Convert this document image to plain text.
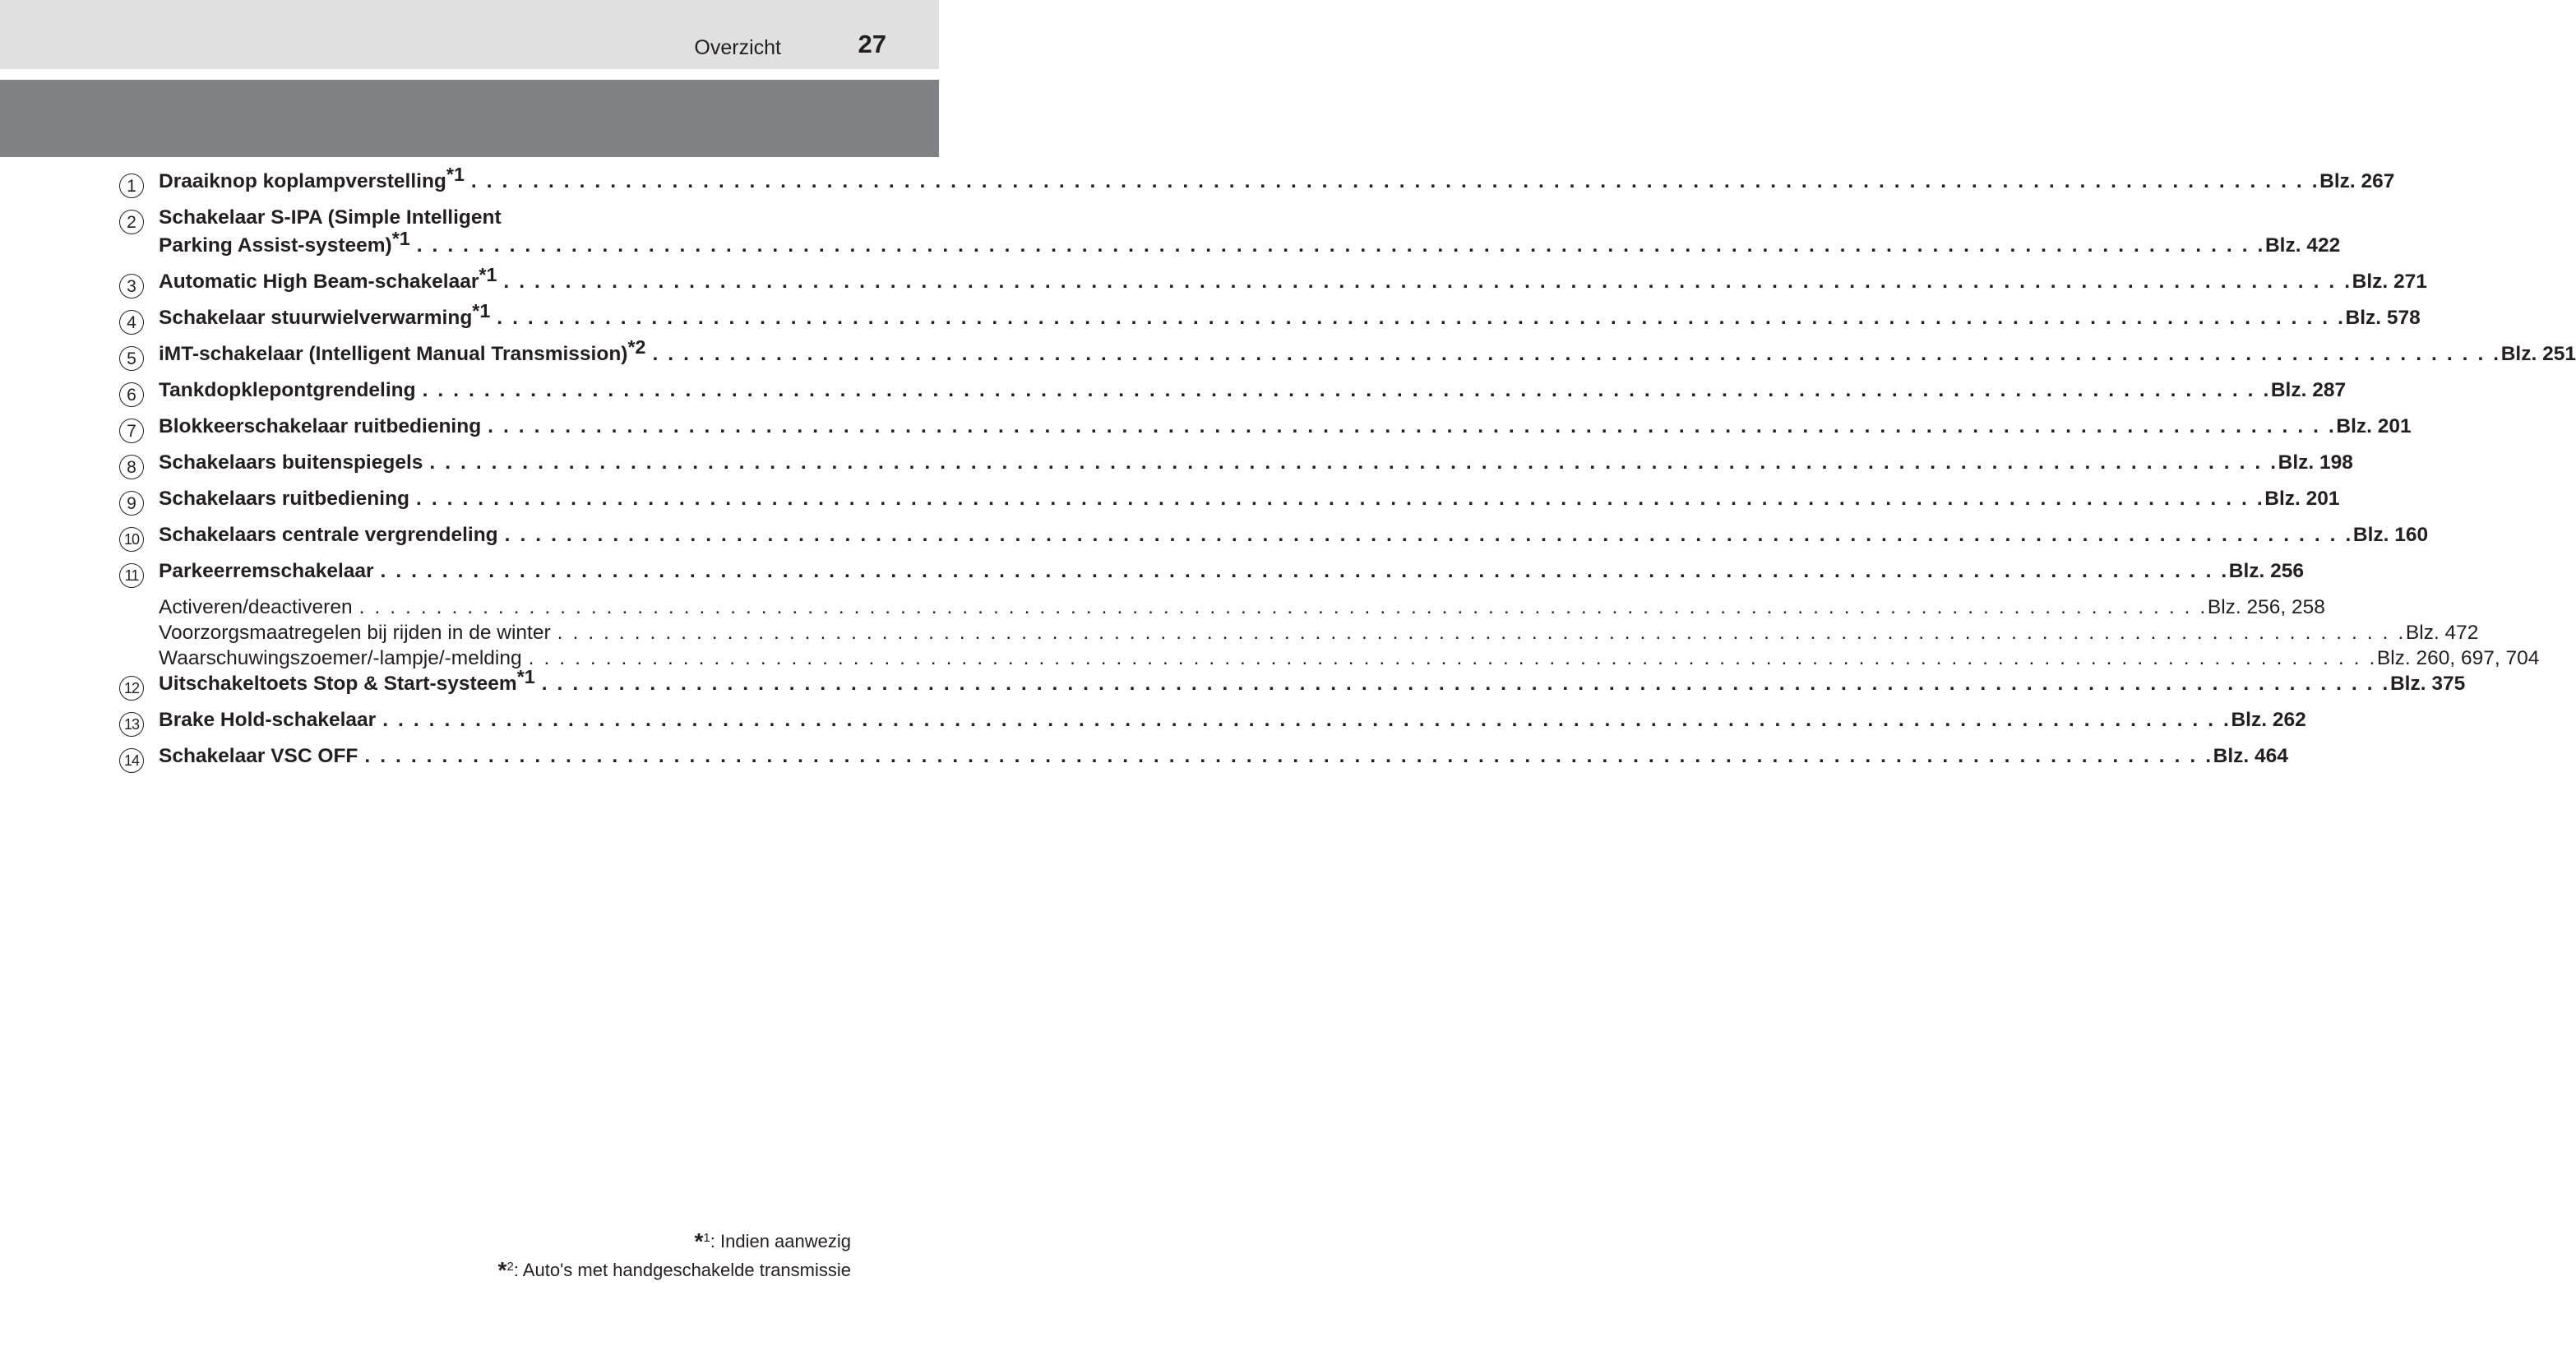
Overzicht	27
1	Draaiknop koplampverstelling$^{*1}$ . . . . . . . . . . . . . . . . . . . . . . . . . . . . . . . . . . . . . . . . . . . . . . . . . . . . . . . . . . . . . . . . . . . . . . . . . . . . . . . . . . . . . . . . . . . . . . . . . . . . . . . . . . . . . . . . . . . . . . . . Blz. 267
2	Schakelaar S-IPA (Simple Intelligent
Parking Assist-systeem)$^{*1}$ . . . . . . . . . . . . . . . . . . . . . . . . . . . . . . . . . . . . . . . . . . . . . . . . . . . . . . . . . . . . . . . . . . . . . . . . . . . . . . . . . . . . . . . . . . . . . . . . . . . . . . . . . . . . . . . . . . . . . . . . Blz. 422
3	Automatic High Beam-schakelaar$^{*1}$ . . . . . . . . . . . . . . . . . . . . . . . . . . . . . . . . . . . . . . . . . . . . . . . . . . . . . . . . . . . . . . . . . . . . . . . . . . . . . . . . . . . . . . . . . . . . . . . . . . . . . . . . . . . . . . . . . . . . . . . . Blz. 271
4	Schakelaar stuurwielverwarming$^{*1}$ . . . . . . . . . . . . . . . . . . . . . . . . . . . . . . . . . . . . . . . . . . . . . . . . . . . . . . . . . . . . . . . . . . . . . . . . . . . . . . . . . . . . . . . . . . . . . . . . . . . . . . . . . . . . . . . . . . . . . . . . Blz. 578
5	iMT-schakelaar (Intelligent Manual Transmission)$^{*2}$ . . . . . . . . . . . . . . . . . . . . . . . . . . . . . . . . . . . . . . . . . . . . . . . . . . . . . . . . . . . . . . . . . . . . . . . . . . . . . . . . . . . . . . . . . . . . . . . . . . . . . . . . . . . . . . . . . . . . . . . . Blz. 251
6	Tankdopklepontgrendeling . . . . . . . . . . . . . . . . . . . . . . . . . . . . . . . . . . . . . . . . . . . . . . . . . . . . . . . . . . . . . . . . . . . . . . . . . . . . . . . . . . . . . . . . . . . . . . . . . . . . . . . . . . . . . . . . . . . . . . . . Blz. 287
7	Blokkeerschakelaar ruitbediening . . . . . . . . . . . . . . . . . . . . . . . . . . . . . . . . . . . . . . . . . . . . . . . . . . . . . . . . . . . . . . . . . . . . . . . . . . . . . . . . . . . . . . . . . . . . . . . . . . . . . . . . . . . . . . . . . . . . . . . . Blz. 201
8	Schakelaars buitenspiegels . . . . . . . . . . . . . . . . . . . . . . . . . . . . . . . . . . . . . . . . . . . . . . . . . . . . . . . . . . . . . . . . . . . . . . . . . . . . . . . . . . . . . . . . . . . . . . . . . . . . . . . . . . . . . . . . . . . . . . . . Blz. 198
9	Schakelaars ruitbediening . . . . . . . . . . . . . . . . . . . . . . . . . . . . . . . . . . . . . . . . . . . . . . . . . . . . . . . . . . . . . . . . . . . . . . . . . . . . . . . . . . . . . . . . . . . . . . . . . . . . . . . . . . . . . . . . . . . . . . . . Blz. 201
10 Schakelaars centrale vergrendeling . . . . . . . . . . . . . . . . . . . . . . . . . . . . . . . . . . . . . . . . . . . . . . . . . . . . . . . . . . . . . . . . . . . . . . . . . . . . . . . . . . . . . . . . . . . . . . . . . . . . . . . . . . . . . . . . . . . . . . . . Blz. 160
11 Parkeerremschakelaar . . . . . . . . . . . . . . . . . . . . . . . . . . . . . . . . . . . . . . . . . . . . . . . . . . . . . . . . . . . . . . . . . . . . . . . . . . . . . . . . . . . . . . . . . . . . . . . . . . . . . . . . . . . . . . . . . . . . . . . . Blz. 256
Activeren/deactiveren . . . . . . . . . . . . . . . . . . . . . . . . . . . . . . . . . . . . . . . . . . . . . . . . . . . . . . . . . . . . . . . . . . . . . . . . . . . . . . . . . . . . . . . . . . . . . . . . . . . . . . . . . . . . . . . . . . . . . . . . Blz. 256, 258
Voorzorgsmaatregelen bij rijden in de winter . . . . . . . . . . . . . . . . . . . . . . . . . . . . . . . . . . . . . . . . . . . . . . . . . . . . . . . . . . . . . . . . . . . . . . . . . . . . . . . . . . . . . . . . . . . . . . . . . . . . . . . . . . . . . . . . . . . . . . . . Blz. 472
Waarschuwingszoemer/-lampje/-melding . . . . . . . . . . . . . . . . . . . . . . . . . . . . . . . . . . . . . . . . . . . . . . . . . . . . . . . . . . . . . . . . . . . . . . . . . . . . . . . . . . . . . . . . . . . . . . . . . . . . . . . . . . . . . . . . . . . . . . . . Blz. 260, 697, 704
12 Uitschakeltoets Stop & Start-systeem$^{*1}$ . . . . . . . . . . . . . . . . . . . . . . . . . . . . . . . . . . . . . . . . . . . . . . . . . . . . . . . . . . . . . . . . . . . . . . . . . . . . . . . . . . . . . . . . . . . . . . . . . . . . . . . . . . . . . . . . . . . . . . . . Blz. 375
13 Brake Hold-schakelaar . . . . . . . . . . . . . . . . . . . . . . . . . . . . . . . . . . . . . . . . . . . . . . . . . . . . . . . . . . . . . . . . . . . . . . . . . . . . . . . . . . . . . . . . . . . . . . . . . . . . . . . . . . . . . . . . . . . . . . . . Blz. 262
14 Schakelaar VSC OFF . . . . . . . . . . . . . . . . . . . . . . . . . . . . . . . . . . . . . . . . . . . . . . . . . . . . . . . . . . . . . . . . . . . . . . . . . . . . . . . . . . . . . . . . . . . . . . . . . . . . . . . . . . . . . . . . . . . . . . . . Blz. 464
*$^1$: Indien aanwezig
*$^2$: Auto's met handgeschakelde transmissie
